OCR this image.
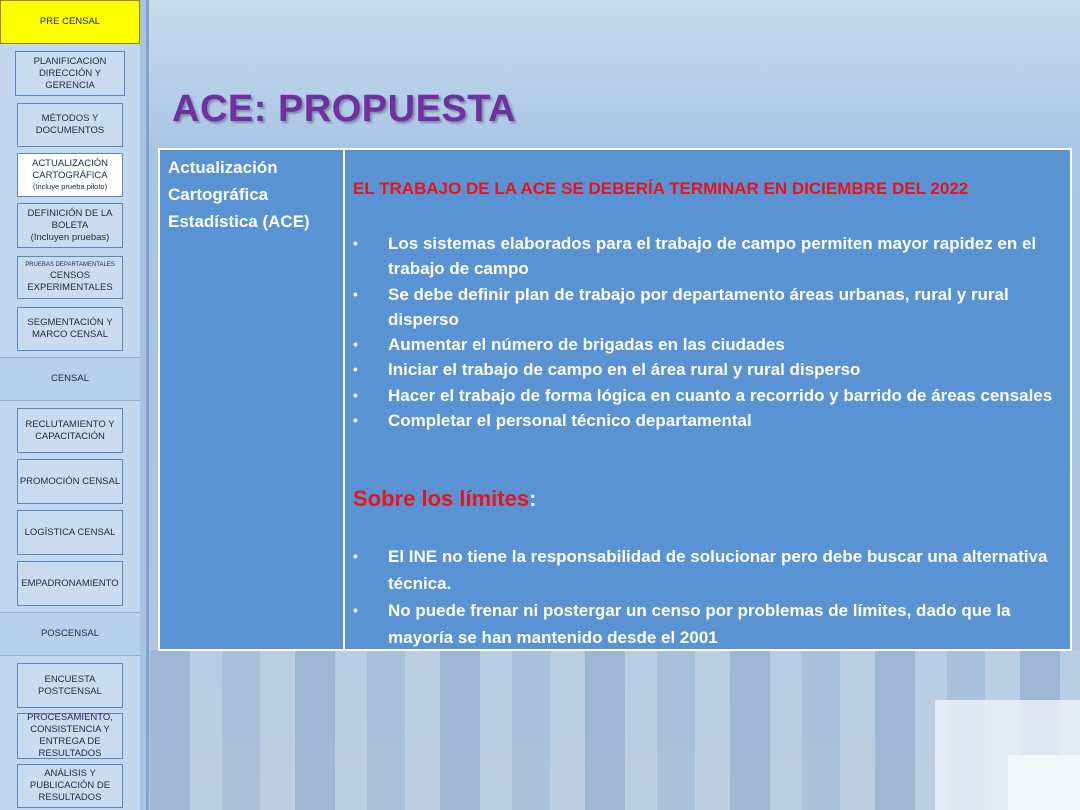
PRE CENSAL
PLANIFICACION DIRECCIÓN Y GERENCIA
MÉTODOS Y DOCUMENTOS
ACTUALIZACIÓN CARTOGRÁFICA
(Incluye prueba piloto)
DEFINICIÓN DE LA BOLETA
(Incluyen pruebas)
PRUEBAS DEPARTAMENTALES
CENSOS EXPERIMENTALES
SEGMENTACIÓN Y MARCO CENSAL
CENSAL
RECLUTAMIENTO Y CAPACITACIÓN
PROMOCIÓN CENSAL
LOGÍSTICA CENSAL
EMPADRONAMIENTO
POSCENSAL
ENCUESTA POSTCENSAL
PROCESAMIENTO, CONSISTENCIA Y ENTREGA DE RESULTADOS
ANÁLISIS Y PUBLICACIÓN DE RESULTADOS
ACE: PROPUESTA
Actualización Cartográfica Estadística (ACE)
EL TRABAJO DE LA ACE SE DEBERÍA TERMINAR EN DICIEMBRE DEL 2022
• Los sistemas elaborados para el trabajo de campo permiten mayor rapidez en el trabajo de campo
• Se debe definir plan de trabajo por departamento áreas urbanas, rural y rural disperso
• Aumentar el número de brigadas en las ciudades
• Iniciar el trabajo de campo en el área rural y rural disperso
• Hacer el trabajo de forma lógica en cuanto a recorrido y barrido de áreas censales
• Completar el personal técnico departamental
Sobre los límites:
• El INE no tiene la responsabilidad de solucionar pero debe buscar una alternativa técnica.
• No puede frenar ni postergar un censo por problemas de límites, dado que la mayoría se han mantenido desde el 2001
